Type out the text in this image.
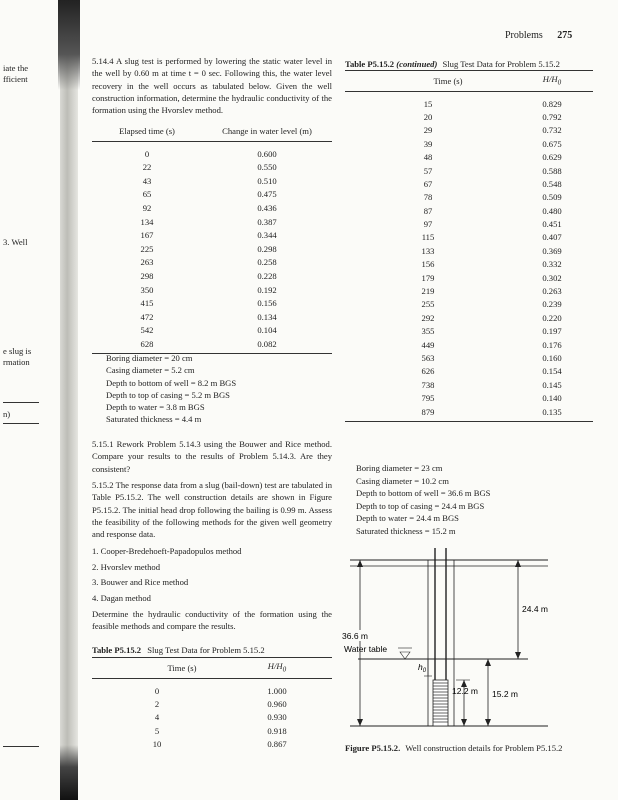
Problems 275
iate the
fficient
3. Well
e slug is
rmation
n)
5.14.4 A slug test is performed by lowering the static water level in the well by 0.60 m at time t = 0 sec. Following this, the water level recovery in the well occurs as tabulated below. Given the well construction information, determine the hydraulic conductivity of the formation using the Hvorslev method.
Elapsed time (s)	Change in water level (m)
0	0.600
22	0.550
43	0.510
65	0.475
92	0.436
134	0.387
167	0.344
225	0.298
263	0.258
298	0.228
350	0.192
415	0.156
472	0.134
542	0.104
628	0.082
Boring diameter = 20 cm
Casing diameter = 5.2 cm
Depth to bottom of well = 8.2 m BGS
Depth to top of casing = 5.2 m BGS
Depth to water = 3.8 m BGS
Saturated thickness = 4.4 m
5.15.1 Rework Problem 5.14.3 using the Bouwer and Rice method. Compare your results to the results of Problem 5.14.3. Are they consistent?
5.15.2 The response data from a slug (bail-down) test are tabulated in Table P5.15.2. The well construction details are shown in Figure P5.15.2. The initial head drop following the bailing is 0.99 m. Assess the feasibility of the following methods for the given well geometry and response data.
1. Cooper-Bredehoeft-Papadopulos method
2. Hvorslev method
3. Bouwer and Rice method
4. Dagan method
Determine the hydraulic conductivity of the formation using the feasible methods and compare the results.
Table P5.15.2 Slug Test Data for Problem 5.15.2
Time (s)	$H/H_0$
0	1.000
2	0.960
4	0.930
5	0.918
10	0.867
Table P5.15.2 (continued) Slug Test Data for Problem 5.15.2
Time (s)	$H/H_0$
15	0.829
20	0.792
29	0.732
39	0.675
48	0.629
57	0.588
67	0.548
78	0.509
87	0.480
97	0.451
115	0.407
133	0.369
156	0.332
179	0.302
219	0.263
255	0.239
292	0.220
355	0.197
449	0.176
563	0.160
626	0.154
738	0.145
795	0.140
879	0.135
Boring diameter = 23 cm
Casing diameter = 10.2 cm
Depth to bottom of well = 36.6 m BGS
Depth to top of casing = 24.4 m BGS
Depth to water = 24.4 m BGS
Saturated thickness = 15.2 m
36.6 m
24.4 m
15.2 m
12.2 m
Water table
$h_0$
Figure P5.15.2. Well construction details for Problem P5.15.2
